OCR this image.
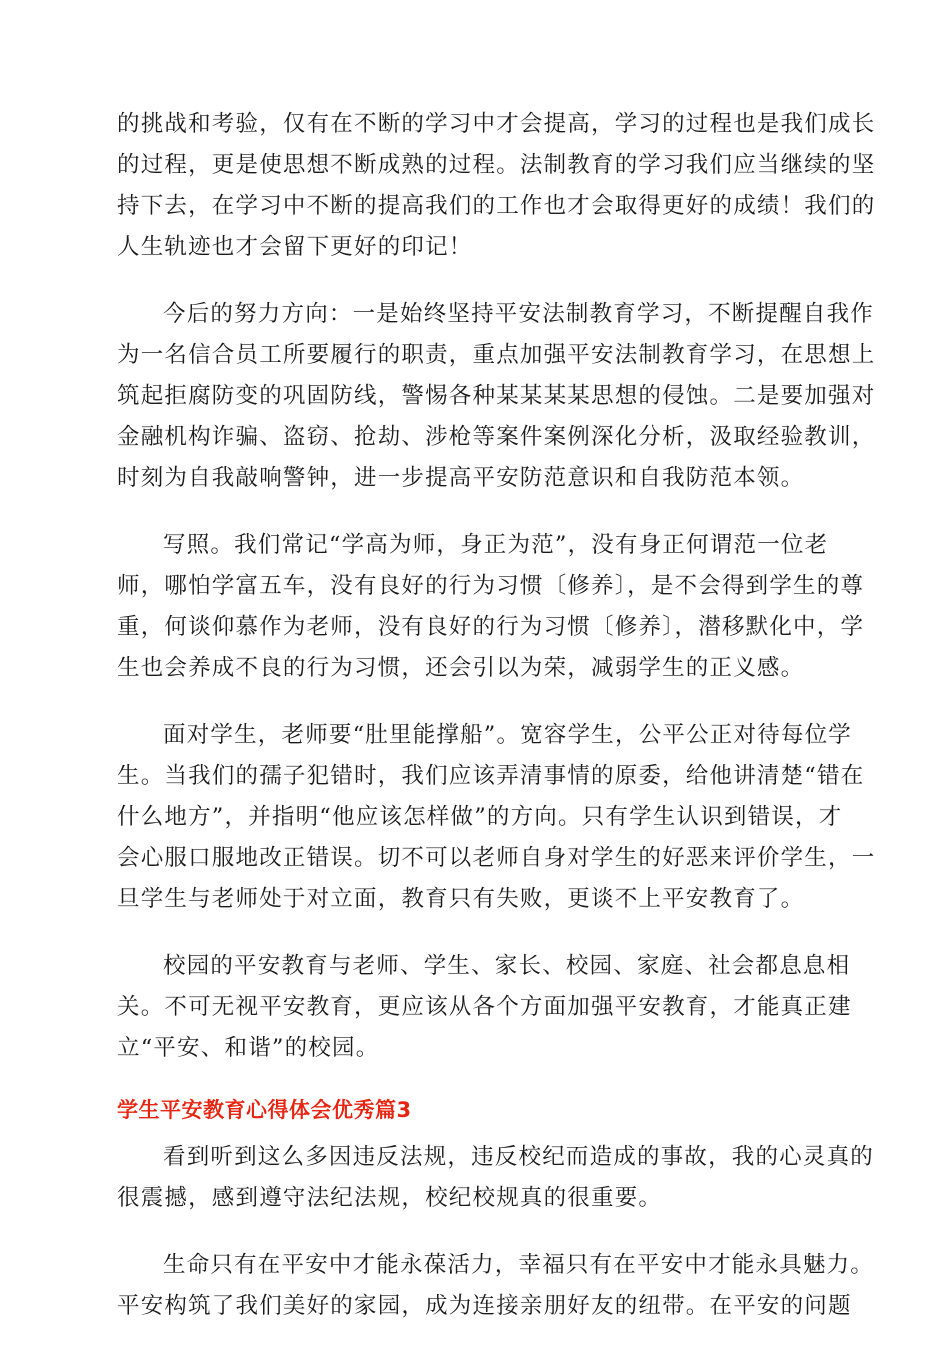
的挑战和考验，仅有在不断的学习中才会提高，学习的过程也是我们成长
的过程，更是使思想不断成熟的过程。法制教育的学习我们应当继续的坚
持下去，在学习中不断的提高我们的工作也才会取得更好的成绩！我们的
人生轨迹也才会留下更好的印记！

今后的努力方向：一是始终坚持平安法制教育学习，不断提醒自我作
为一名信合员工所要履行的职责，重点加强平安法制教育学习，在思想上
筑起拒腐防变的巩固防线，警惕各种某某某某思想的侵蚀。二是要加强对
金融机构诈骗、盗窃、抢劫、涉枪等案件案例深化分析，汲取经验教训，
时刻为自我敲响警钟，进一步提高平安防范意识和自我防范本领。

写照。我们常记“学高为师，身正为范”，没有身正何谓范一位老
师，哪怕学富五车，没有良好的行为习惯〔修养〕，是不会得到学生的尊
重，何谈仰慕作为老师，没有良好的行为习惯〔修养〕，潜移默化中，学
生也会养成不良的行为习惯，还会引以为荣，减弱学生的正义感。

面对学生，老师要“肚里能撑船”。宽容学生，公平公正对待每位学
生。当我们的孺子犯错时，我们应该弄清事情的原委，给他讲清楚“错在
什么地方”，并指明“他应该怎样做”的方向。只有学生认识到错误，才
会心服口服地改正错误。切不可以老师自身对学生的好恶来评价学生，一
旦学生与老师处于对立面，教育只有失败，更谈不上平安教育了。

校园的平安教育与老师、学生、家长、校园、家庭、社会都息息相
关。不可无视平安教育，更应该从各个方面加强平安教育，才能真正建
立“平安、和谐”的校园。

学生平安教育心得体会优秀篇3

看到听到这么多因违反法规，违反校纪而造成的事故，我的心灵真的
很震撼，感到遵守法纪法规，校纪校规真的很重要。

生命只有在平安中才能永葆活力，幸福只有在平安中才能永具魅力。
平安构筑了我们美好的家园，成为连接亲朋好友的纽带。在平安的问题
